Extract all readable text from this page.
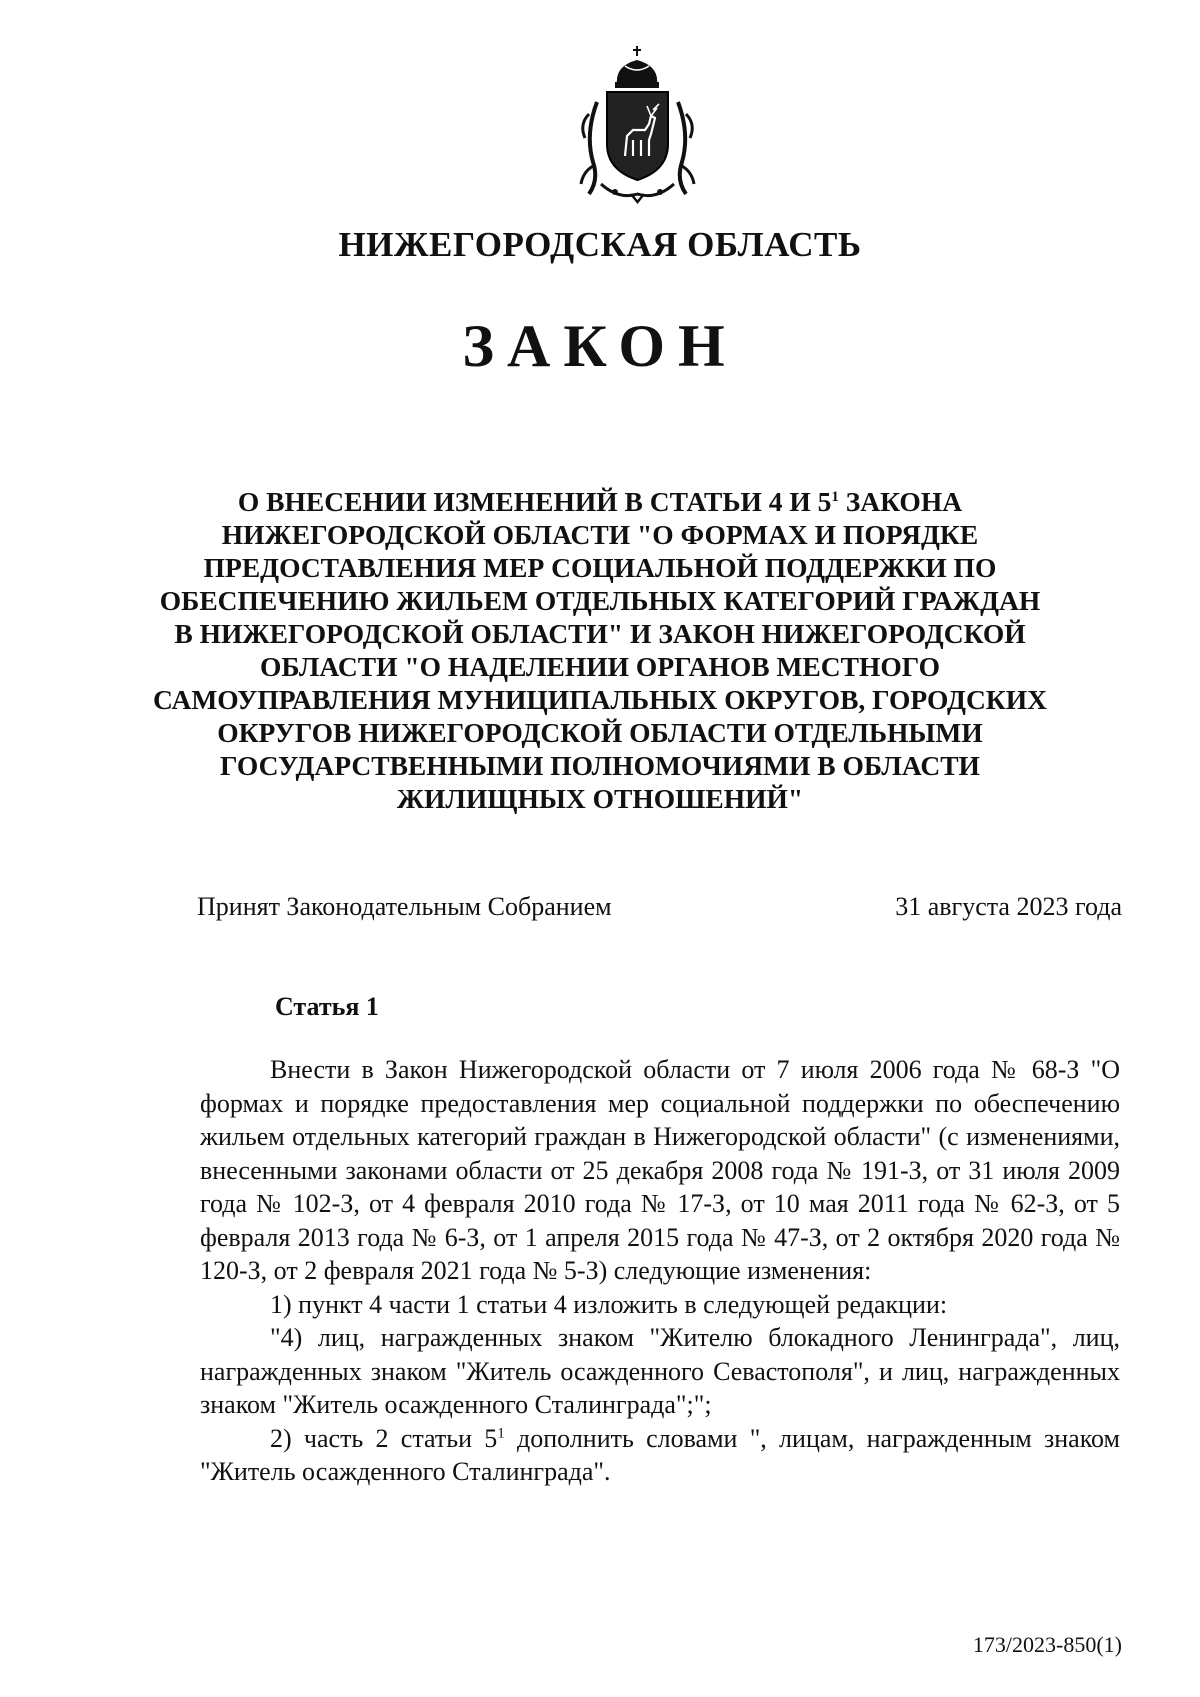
НИЖЕГОРОДСКАЯ ОБЛАСТЬ
ЗАКОН
О ВНЕСЕНИИ ИЗМЕНЕНИЙ В СТАТЬИ 4 И $5^1$ ЗАКОНА НИЖЕГОРОДСКОЙ ОБЛАСТИ "О ФОРМАХ И ПОРЯДКЕ ПРЕДОСТАВЛЕНИЯ МЕР СОЦИАЛЬНОЙ ПОДДЕРЖКИ ПО ОБЕСПЕЧЕНИЮ ЖИЛЬЕМ ОТДЕЛЬНЫХ КАТЕГОРИЙ ГРАЖДАН В НИЖЕГОРОДСКОЙ ОБЛАСТИ" И ЗАКОН НИЖЕГОРОДСКОЙ ОБЛАСТИ "О НАДЕЛЕНИИ ОРГАНОВ МЕСТНОГО САМОУПРАВЛЕНИЯ МУНИЦИПАЛЬНЫХ ОКРУГОВ, ГОРОДСКИХ ОКРУГОВ НИЖЕГОРОДСКОЙ ОБЛАСТИ ОТДЕЛЬНЫМИ ГОСУДАРСТВЕННЫМИ ПОЛНОМОЧИЯМИ В ОБЛАСТИ ЖИЛИЩНЫХ ОТНОШЕНИЙ"
Принят Законодательным Собранием	31 августа 2023 года
Статья 1

Внести в Закон Нижегородской области от 7 июля 2006 года № 68-З "О формах и порядке предоставления мер социальной поддержки по обеспечению жильем отдельных категорий граждан в Нижегородской области" (с изменениями, внесенными законами области от 25 декабря 2008 года № 191-З, от 31 июля 2009 года № 102-З, от 4 февраля 2010 года № 17-З, от 10 мая 2011 года № 62-З, от 5 февраля 2013 года № 6-З, от 1 апреля 2015 года № 47-З, от 2 октября 2020 года № 120-З, от 2 февраля 2021 года № 5-З) следующие изменения:

1) пункт 4 части 1 статьи 4 изложить в следующей редакции:

"4) лиц, награжденных знаком "Жителю блокадного Ленинграда", лиц, награжденных знаком "Житель осажденного Севастополя", и лиц, награжденных знаком "Житель осажденного Сталинграда";";

2) часть 2 статьи $5^1$ дополнить словами ", лицам, награжденным знаком "Житель осажденного Сталинграда".

173/2023-850(1)
